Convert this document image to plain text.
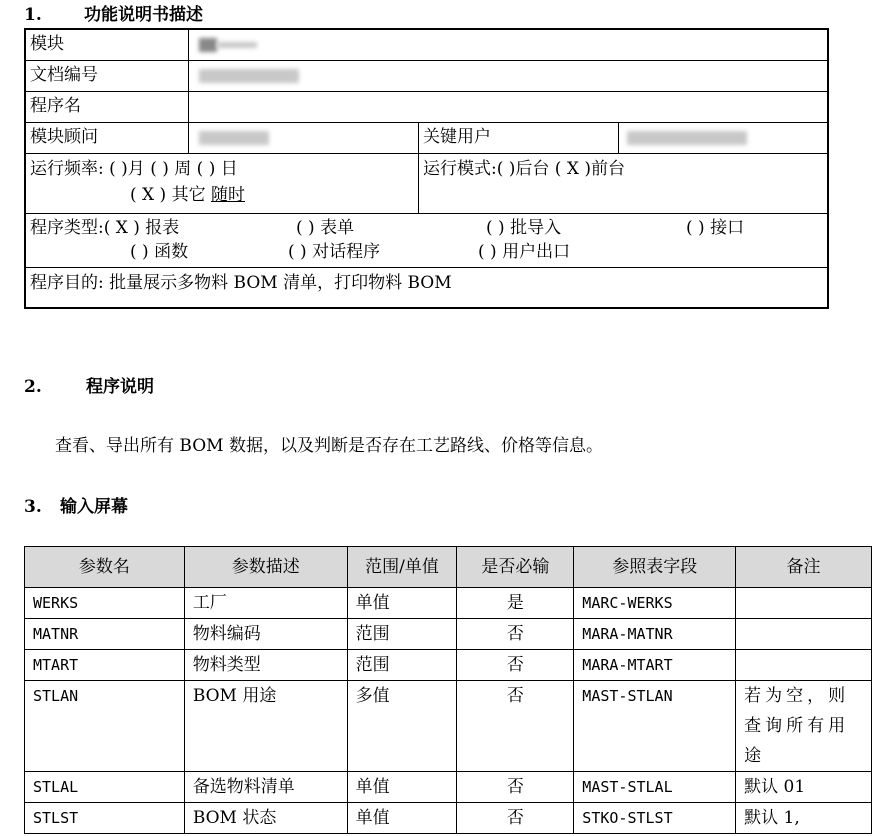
1. 功能说明书描述
模块
文档编号
程序名
模块顾问	关键用户
运行频率: ( )月 ( ) 周 ( ) 日
( X ) 其它 随时
运行模式:( )后台 ( X )前台
程序类型:( X ) 报表	( ) 表单	( ) 批导入	( ) 接口
( ) 函数	( ) 对话程序	( ) 用户出口
程序目的: 批量展示多物料 BOM 清单，打印物料 BOM
2.	程序说明
查看、导出所有 BOM 数据，以及判断是否存在工艺路线、价格等信息。
3. 输入屏幕
参数名	参数描述	范围/单值	是否必输	参照表字段	备注
WERKS	工厂	单值	是	MARC-WERKS	
MATNR	物料编码	范围	否	MARA-MATNR	
MTART	物料类型	范围	否	MARA-MTART	
STLAN	BOM 用途	多值	否	MAST-STLAN	若为空，则查询所有用途
STLAL	备选物料清单	单值	否	MAST-STLAL	默认 01
STLST	BOM 状态	单值	否	STKO-STLST	默认 1,
